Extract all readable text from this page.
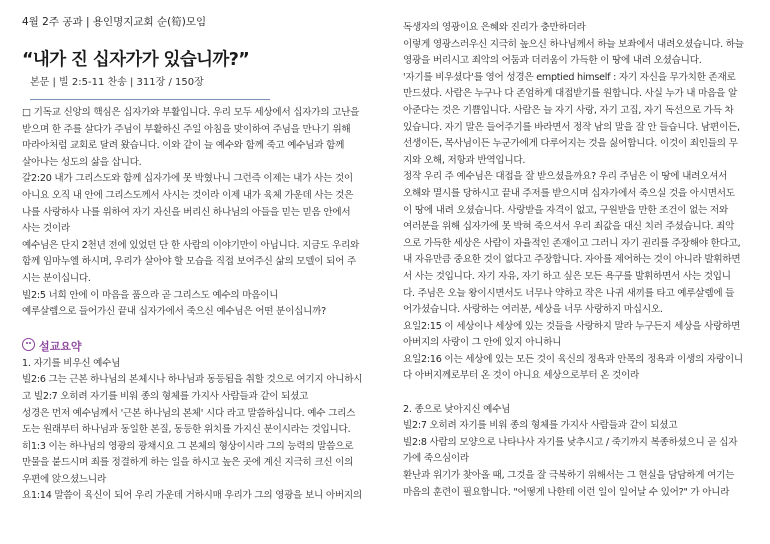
4월 2주 공과 | 용인명지교회 순(筍)모임
“내가 진 십자가가 있습니까?”
본문 | 빌 2:5-11 찬송 | 311장 / 150장

□ 기독교 신앙의 핵심은 십자가와 부활입니다. 우리 모두 세상에서 십자가의 고난을

받으며 한 주를 살다가 주님이 부활하신 주일 아침을 맞이하여 주님을 만나기 위해

마라아처럼 교회로 달려 왔습니다. 이와 같이 늘 예수와 함께 죽고 예수님과 함께

살아나는 성도의 삶을 삽니다.

갈2:20 내가 그리스도와 함께 십자가에 못 박혔나니 그런즉 이제는 내가 사는 것이

아니요 오직 내 안에 그리스도께서 사시는 것이라 이제 내가 육체 가운데 사는 것은

나를 사랑하사 나를 위하여 자기 자신을 버리신 하나님의 아들을 믿는 믿음 안에서

사는 것이라

예수님은 단지 2천년 전에 있었던 단 한 사람의 이야기만이 아닙니다. 지금도 우리와

함께 임마누엘 하시며, 우리가 살아야 할 모습을 직접 보여주신 삶의 모델이 되어 주

시는 분이십니다.

빌2:5 너희 안에 이 마음을 품으라 곧 그리스도 예수의 마음이니

예루살렘으로 들어가신 끝내 십자가에서 죽으신 예수님은 어떤 분이십니까?

설교요약

1. 자기를 비우신 예수님

빌2:6 그는 근본 하나님의 본체시나 하나님과 동등됨을 취할 것으로 여기지 아니하시

고 빌2:7 오히려 자기를 비워 종의 형체를 가지사 사람들과 같이 되셨고

성경은 먼저 예수님께서 '근본 하나님의 본체' 시다 라고 말씀하십니다. 예수 그리스

도는 원래부터 하나님과 동일한 본질, 동등한 위치를 가지신 분이시라는 것입니다.

히1:3 이는 하나님의 영광의 광채시요 그 본체의 형상이시라 그의 능력의 말씀으로

만물을 붙드시며 죄를 정결하게 하는 일을 하시고 높은 곳에 계신 지극히 크신 이의

우편에 앉으셨느니라

요1:14 말씀이 육신이 되어 우리 가운데 거하시매 우리가 그의 영광을 보니 아버지의

독생자의 영광이요 은혜와 진리가 충만하더라

이렇게 영광스러우신 지극히 높으신 하나님께서 하늘 보좌에서 내려오셨습니다. 하늘

영광을 버리시고 죄악의 어둠과 더러움이 가득한 이 땅에 내려 오셨습니다.

'자기를 비우셨다'를 영어 성경은 emptied himself : 자기 자신을 무가치한 존재로

만드셨다. 사람은 누구나 다 존엄하게 대접받기를 원합니다. 사실 누가 내 마음을 알

아준다는 것은 기쁨입니다. 사람은 늘 자기 사랑, 자기 고집, 자기 독선으로 가득 차

있습니다. 자기 말은 들어주기를 바라면서 정작 남의 말을 잘 안 들습니다. 남편이든,

선생이든, 목사님이든 누군가에게 다루어지는 것을 싫어합니다. 이것이 죄인들의 무

지와 오해, 저항과 반역입니다.

정작 우리 주 예수님은 대접을 잘 받으셨을까요? 우리 주님은 이 땅에 내려오셔서

오해와 멸시를 당하시고 끝내 주저를 받으시며 십자가에서 죽으실 것을 아시면서도

이 땅에 내려 오셨습니다. 사랑받을 자격이 없고, 구원받을 만한 조건이 없는 저와

여러분을 위해 십자가에 못 박혀 죽으셔서 우리 죄값을 대신 치러 주셨습니다. 죄악

으로 가득한 세상은 사람이 자율적인 존재이고 그러니 자기 권리를 주장해야 한다고,

내 자유만큼 중요한 것이 없다고 주장합니다. 자아를 제어하는 것이 아니라 발휘하면

서 사는 것입니다. 자기 자유, 자기 하고 싶은 모든 욕구를 발휘하면서 사는 것입니

다. 주님은 오늘 왕이시면서도 너무나 약하고 작은 나귀 새끼를 타고 예루살렘에 들

어가셨습니다. 사랑하는 여러분, 세상을 너무 사랑하지 마십시오.

요일2:15 이 세상이나 세상에 있는 것들을 사랑하지 말라 누구든지 세상을 사랑하면

아버지의 사랑이 그 안에 있지 아니하니

요일2:16 이는 세상에 있는 모든 것이 육신의 정욕과 안목의 정욕과 이생의 자랑이니

다 아버지께로부터 온 것이 아니요 세상으로부터 온 것이라

2. 종으로 낮아지신 예수님

빌2:7 오히려 자기를 비워 종의 형체를 가지사 사람들과 같이 되셨고

빌2:8 사람의 모양으로 나타나사 자기를 낮추시고 / 죽기까지 복종하셨으니 곧 십자

가에 죽으심이라

환난과 위기가 찾아올 때, 그것을 잘 극복하기 위해서는 그 현실을 담담하게 여기는

마음의 훈련이 필요합니다. "어떻게 나한테 이런 일이 일어날 수 있어?" 가 아니라
